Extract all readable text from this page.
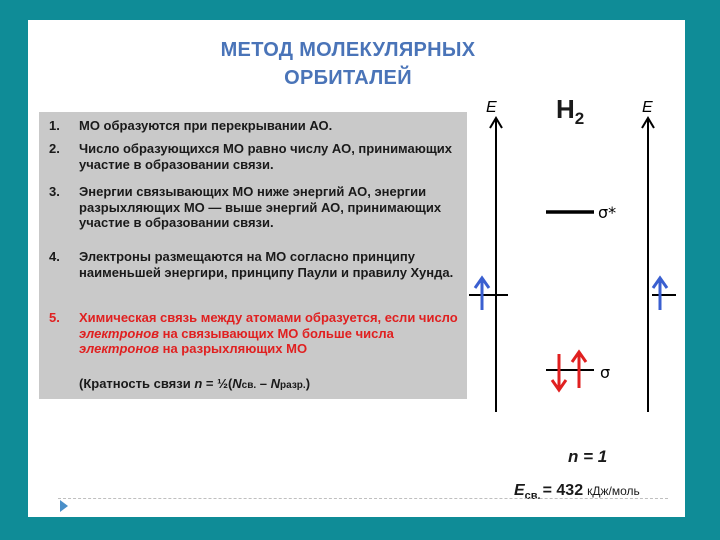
МЕТОД МОЛЕКУЛЯРНЫХ
ОРБИТАЛЕЙ
1.	МО образуются при перекрывании АО.
2.	Число образующихся МО равно числу АО, принимающих участие в образовании связи.
3.	Энергии связывающих МО ниже энергий АО, энергии разрыхляющих МО — выше энергий АО, принимающих участие в образовании связи.
4.	Электроны размещаются на МО согласно принципу наименьшей энергири, принципу Паули и правилу Хунда.
5.	Химическая связь между атомами образуется, если число электронов на связывающих МО больше числа электронов на разрыхляющих МО
(Кратность связи n = ½(Nсв. – Nразр.)
E	E
$H_2$
σ*
σ
n = 1
$E_{св.} = 432$ кДж/моль
